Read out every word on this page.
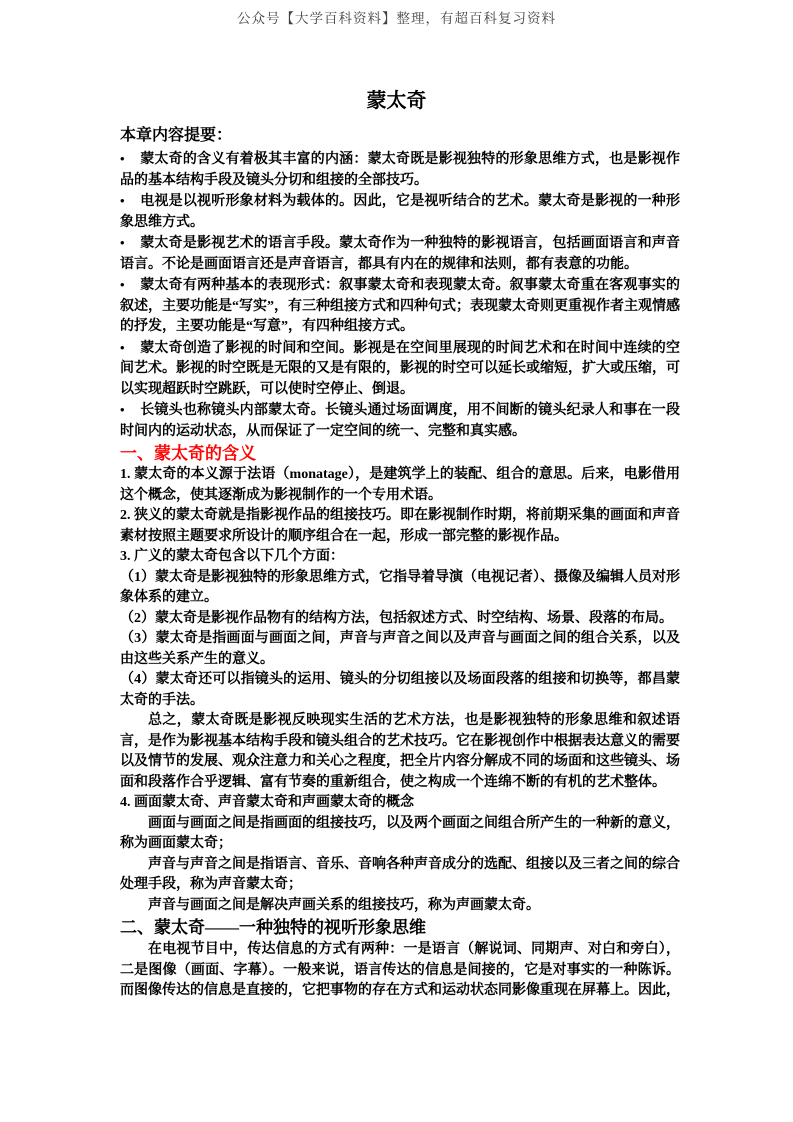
公众号【大学百科资料】整理，有超百科复习资料
蒙太奇

本章内容提要：

• 蒙太奇的含义有着极其丰富的内涵：蒙太奇既是影视独特的形象思维方式，也是影视作品的基本结构手段及镜头分切和组接的全部技巧。

• 电视是以视听形象材料为载体的。因此，它是视听结合的艺术。蒙太奇是影视的一种形象思维方式。

• 蒙太奇是影视艺术的语言手段。蒙太奇作为一种独特的影视语言，包括画面语言和声音语言。不论是画面语言还是声音语言，都具有内在的规律和法则，都有表意的功能。

• 蒙太奇有两种基本的表现形式：叙事蒙太奇和表现蒙太奇。叙事蒙太奇重在客观事实的叙述，主要功能是“写实”，有三种组接方式和四种句式；表现蒙太奇则更重视作者主观情感的抒发，主要功能是“写意”，有四种组接方式。

• 蒙太奇创造了影视的时间和空间。影视是在空间里展现的时间艺术和在时间中连续的空间艺术。影视的时空既是无限的又是有限的，影视的时空可以延长或缩短，扩大或压缩，可以实现超跃时空跳跃，可以使时空停止、倒退。

• 长镜头也称镜头内部蒙太奇。长镜头通过场面调度，用不间断的镜头纪录人和事在一段时间内的运动状态，从而保证了一定空间的统一、完整和真实感。

一、蒙太奇的含义

1. 蒙太奇的本义源于法语（monatage），是建筑学上的装配、组合的意思。后来，电影借用这个概念，使其逐渐成为影视制作的一个专用术语。

2. 狭义的蒙太奇就是指影视作品的组接技巧。即在影视制作时期，将前期采集的画面和声音素材按照主题要求所设计的顺序组合在一起，形成一部完整的影视作品。

3. 广义的蒙太奇包含以下几个方面：

（1）蒙太奇是影视独特的形象思维方式，它指导着导演（电视记者）、摄像及编辑人员对形象体系的建立。

（2）蒙太奇是影视作品物有的结构方法，包括叙述方式、时空结构、场景、段落的布局。

（3）蒙太奇是指画面与画面之间，声音与声音之间以及声音与画面之间的组合关系，以及由这些关系产生的意义。

（4）蒙太奇还可以指镜头的运用、镜头的分切组接以及场面段落的组接和切换等，都昌蒙太奇的手法。

总之，蒙太奇既是影视反映现实生活的艺术方法，也是影视独特的形象思维和叙述语言，是作为影视基本结构手段和镜头组合的艺术技巧。它在影视创作中根据表达意义的需要以及情节的发展、观众注意力和关心之程度，把全片内容分解成不同的场面和这些镜头、场面和段落作合乎逻辑、富有节奏的重新组合，使之构成一个连绵不断的有机的艺术整体。

4. 画面蒙太奇、声音蒙太奇和声画蒙太奇的概念

画面与画面之间是指画面的组接技巧，以及两个画面之间组合所产生的一种新的意义，称为画面蒙太奇；

声音与声音之间是指语言、音乐、音响各种声音成分的选配、组接以及三者之间的综合处理手段，称为声音蒙太奇；

声音与画面之间是解决声画关系的组接技巧，称为声画蒙太奇。

二、蒙太奇——一种独特的视听形象思维

在电视节目中，传达信息的方式有两种：一是语言（解说词、同期声、对白和旁白），二是图像（画面、字幕）。一般来说，语言传达的信息是间接的，它是对事实的一种陈诉。而图像传达的信息是直接的，它把事物的存在方式和运动状态同影像重现在屏幕上。因此，
